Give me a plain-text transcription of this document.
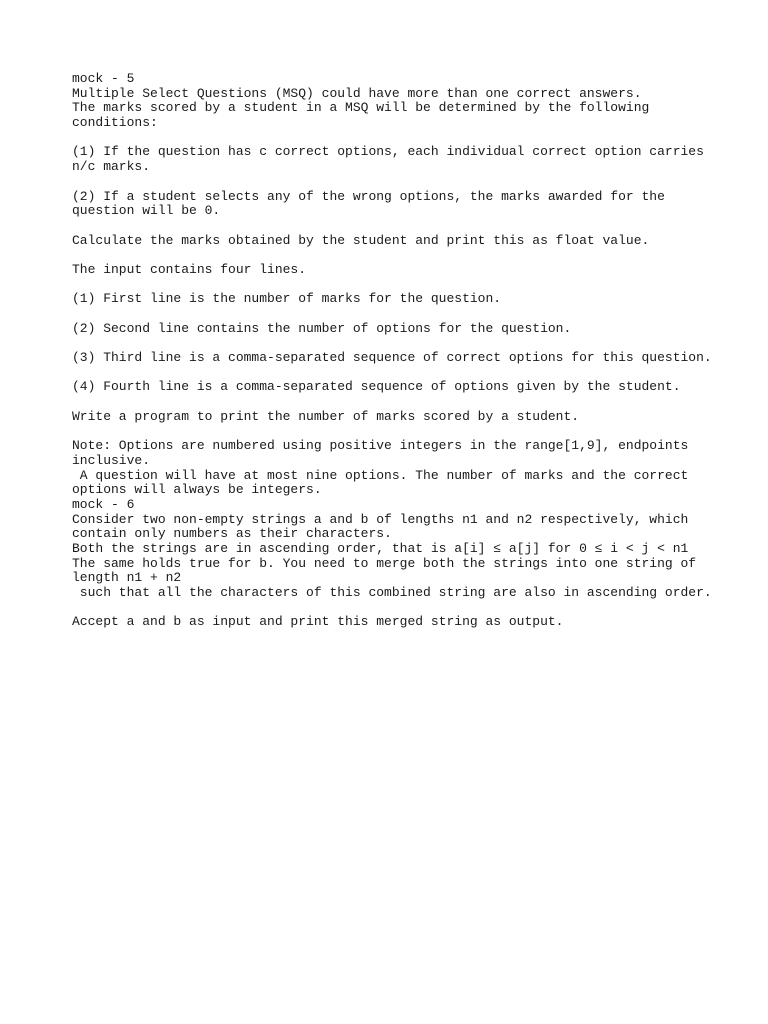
mock - 5
Multiple Select Questions (MSQ) could have more than one correct answers.
The marks scored by a student in a MSQ will be determined by the following
conditions:
(1) If the question has c correct options, each individual correct option carries
n/c marks.
(2) If a student selects any of the wrong options, the marks awarded for the
question will be 0.
Calculate the marks obtained by the student and print this as float value.
The input contains four lines.
(1) First line is the number of marks for the question.
(2) Second line contains the number of options for the question.
(3) Third line is a comma-separated sequence of correct options for this question.
(4) Fourth line is a comma-separated sequence of options given by the student.
Write a program to print the number of marks scored by a student.
Note: Options are numbered using positive integers in the range[1,9], endpoints
inclusive.
A question will have at most nine options. The number of marks and the correct
options will always be integers.
mock - 6
Consider two non-empty strings a and b of lengths n1 and n2 respectively, which
contain only numbers as their characters.
Both the strings are in ascending order, that is a[i] ≤ a[j] for 0 ≤ i < j < n1
The same holds true for b. You need to merge both the strings into one string of
length n1 + n2
such that all the characters of this combined string are also in ascending order.
Accept a and b as input and print this merged string as output.
